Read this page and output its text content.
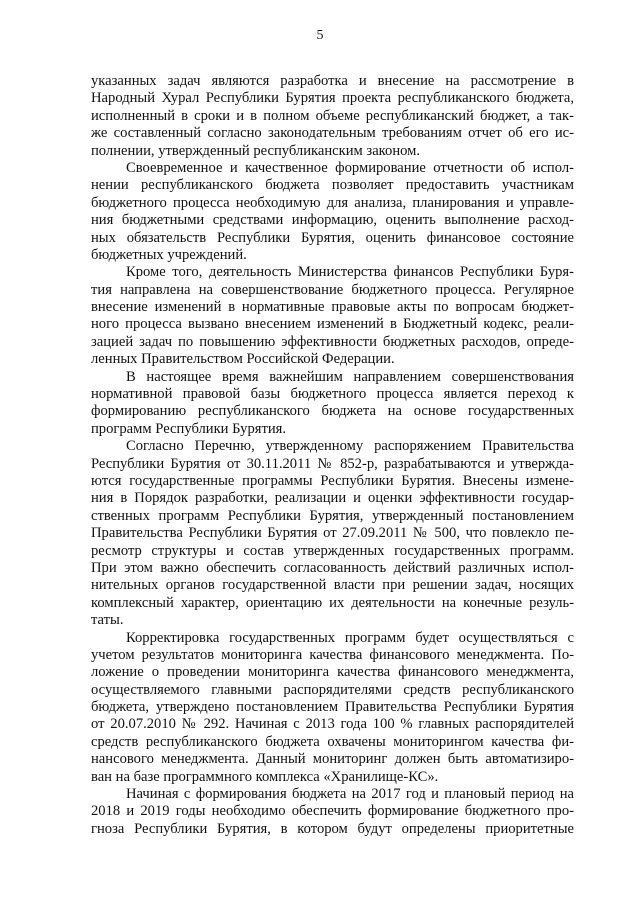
5
указанных задач являются разработка и внесение на рассмотрение в
Народный Хурал Республики Бурятия проекта республиканского бюджета,
исполненный в сроки и в полном объеме республиканский бюджет, а так-
же составленный согласно законодательным требованиям отчет об его ис-
полнении, утвержденный республиканским законом.
Своевременное и качественное формирование отчетности об испол-
нении республиканского бюджета позволяет предоставить участникам
бюджетного процесса необходимую для анализа, планирования и управле-
ния бюджетными средствами информацию, оценить выполнение расход-
ных обязательств Республики Бурятия, оценить финансовое состояние
бюджетных учреждений.
Кроме того, деятельность Министерства финансов Республики Буря-
тия направлена на совершенствование бюджетного процесса. Регулярное
внесение изменений в нормативные правовые акты по вопросам бюджет-
ного процесса вызвано внесением изменений в Бюджетный кодекс, реали-
зацией задач по повышению эффективности бюджетных расходов, опреде-
ленных Правительством Российской Федерации.
В настоящее время важнейшим направлением совершенствования
нормативной правовой базы бюджетного процесса является переход к
формированию республиканского бюджета на основе государственных
программ Республики Бурятия.
Согласно Перечню, утвержденному распоряжением Правительства
Республики Бурятия от 30.11.2011 № 852-р, разрабатываются и утвержда-
ются государственные программы Республики Бурятия. Внесены измене-
ния в Порядок разработки, реализации и оценки эффективности государ-
ственных программ Республики Бурятия, утвержденный постановлением
Правительства Республики Бурятия от 27.09.2011 № 500, что повлекло пе-
ресмотр структуры и состав утвержденных государственных программ.
При этом важно обеспечить согласованность действий различных испол-
нительных органов государственной власти при решении задач, носящих
комплексный характер, ориентацию их деятельности на конечные резуль-
таты.
Корректировка государственных программ будет осуществляться с
учетом результатов мониторинга качества финансового менеджмента. По-
ложение о проведении мониторинга качества финансового менеджмента,
осуществляемого главными распорядителями средств республиканского
бюджета, утверждено постановлением Правительства Республики Бурятия
от 20.07.2010 № 292. Начиная с 2013 года 100 % главных распорядителей
средств республиканского бюджета охвачены мониторингом качества фи-
нансового менеджмента. Данный мониторинг должен быть автоматизиро-
ван на базе программного комплекса «Хранилище-КС».
Начиная с формирования бюджета на 2017 год и плановый период на
2018 и 2019 годы необходимо обеспечить формирование бюджетного про-
гноза Республики Бурятия, в котором будут определены приоритетные
